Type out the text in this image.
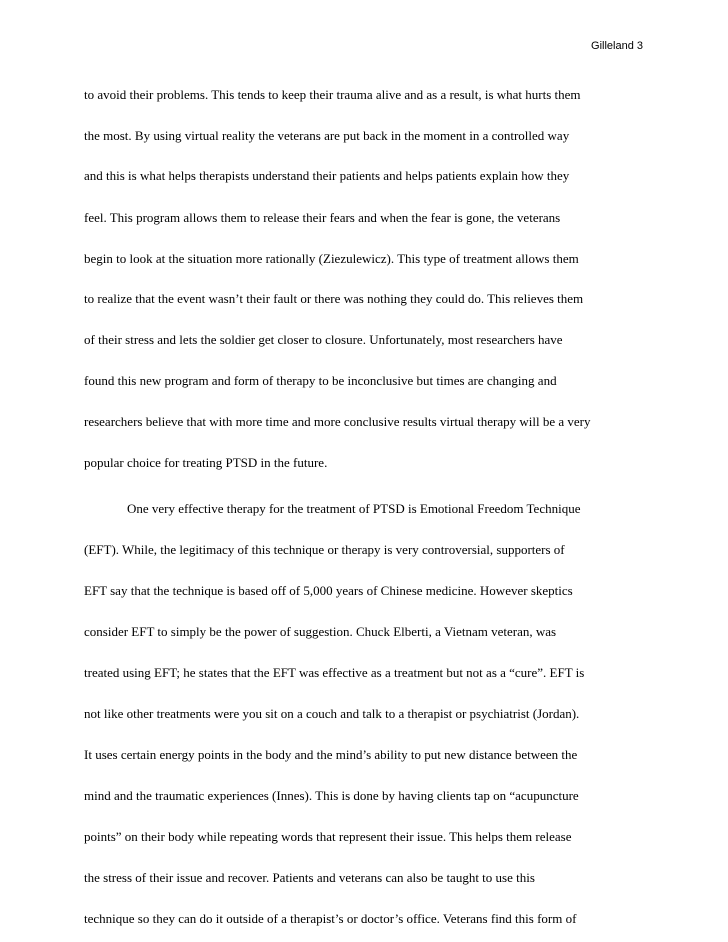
Gilleland 3
to avoid their problems. This tends to keep their trauma alive and as a result, is what hurts them
the most. By using virtual reality the veterans are put back in the moment in a controlled way
and this is what helps therapists understand their patients and helps patients explain how they
feel. This program allows them to release their fears and when the fear is gone, the veterans
begin to look at the situation more rationally (Ziezulewicz). This type of treatment allows them
to realize that the event wasn’t their fault or there was nothing they could do. This relieves them
of their stress and lets the soldier get closer to closure. Unfortunately, most researchers have
found this new program and form of therapy to be inconclusive but times are changing and
researchers believe that with more time and more conclusive results virtual therapy will be a very
popular choice for treating PTSD in the future.
One very effective therapy for the treatment of PTSD is Emotional Freedom Technique
(EFT). While, the legitimacy of this technique or therapy is very controversial, supporters of
EFT say that the technique is based off of 5,000 years of Chinese medicine. However skeptics
consider EFT to simply be the power of suggestion. Chuck Elberti, a Vietnam veteran, was
treated using EFT; he states that the EFT was effective as a treatment but not as a “cure”. EFT is
not like other treatments were you sit on a couch and talk to a therapist or psychiatrist (Jordan).
It uses certain energy points in the body and the mind’s ability to put new distance between the
mind and the traumatic experiences (Innes). This is done by having clients tap on “acupuncture
points” on their body while repeating words that represent their issue. This helps them release
the stress of their issue and recover. Patients and veterans can also be taught to use this
technique so they can do it outside of a therapist’s or doctor’s office. Veterans find this form of
